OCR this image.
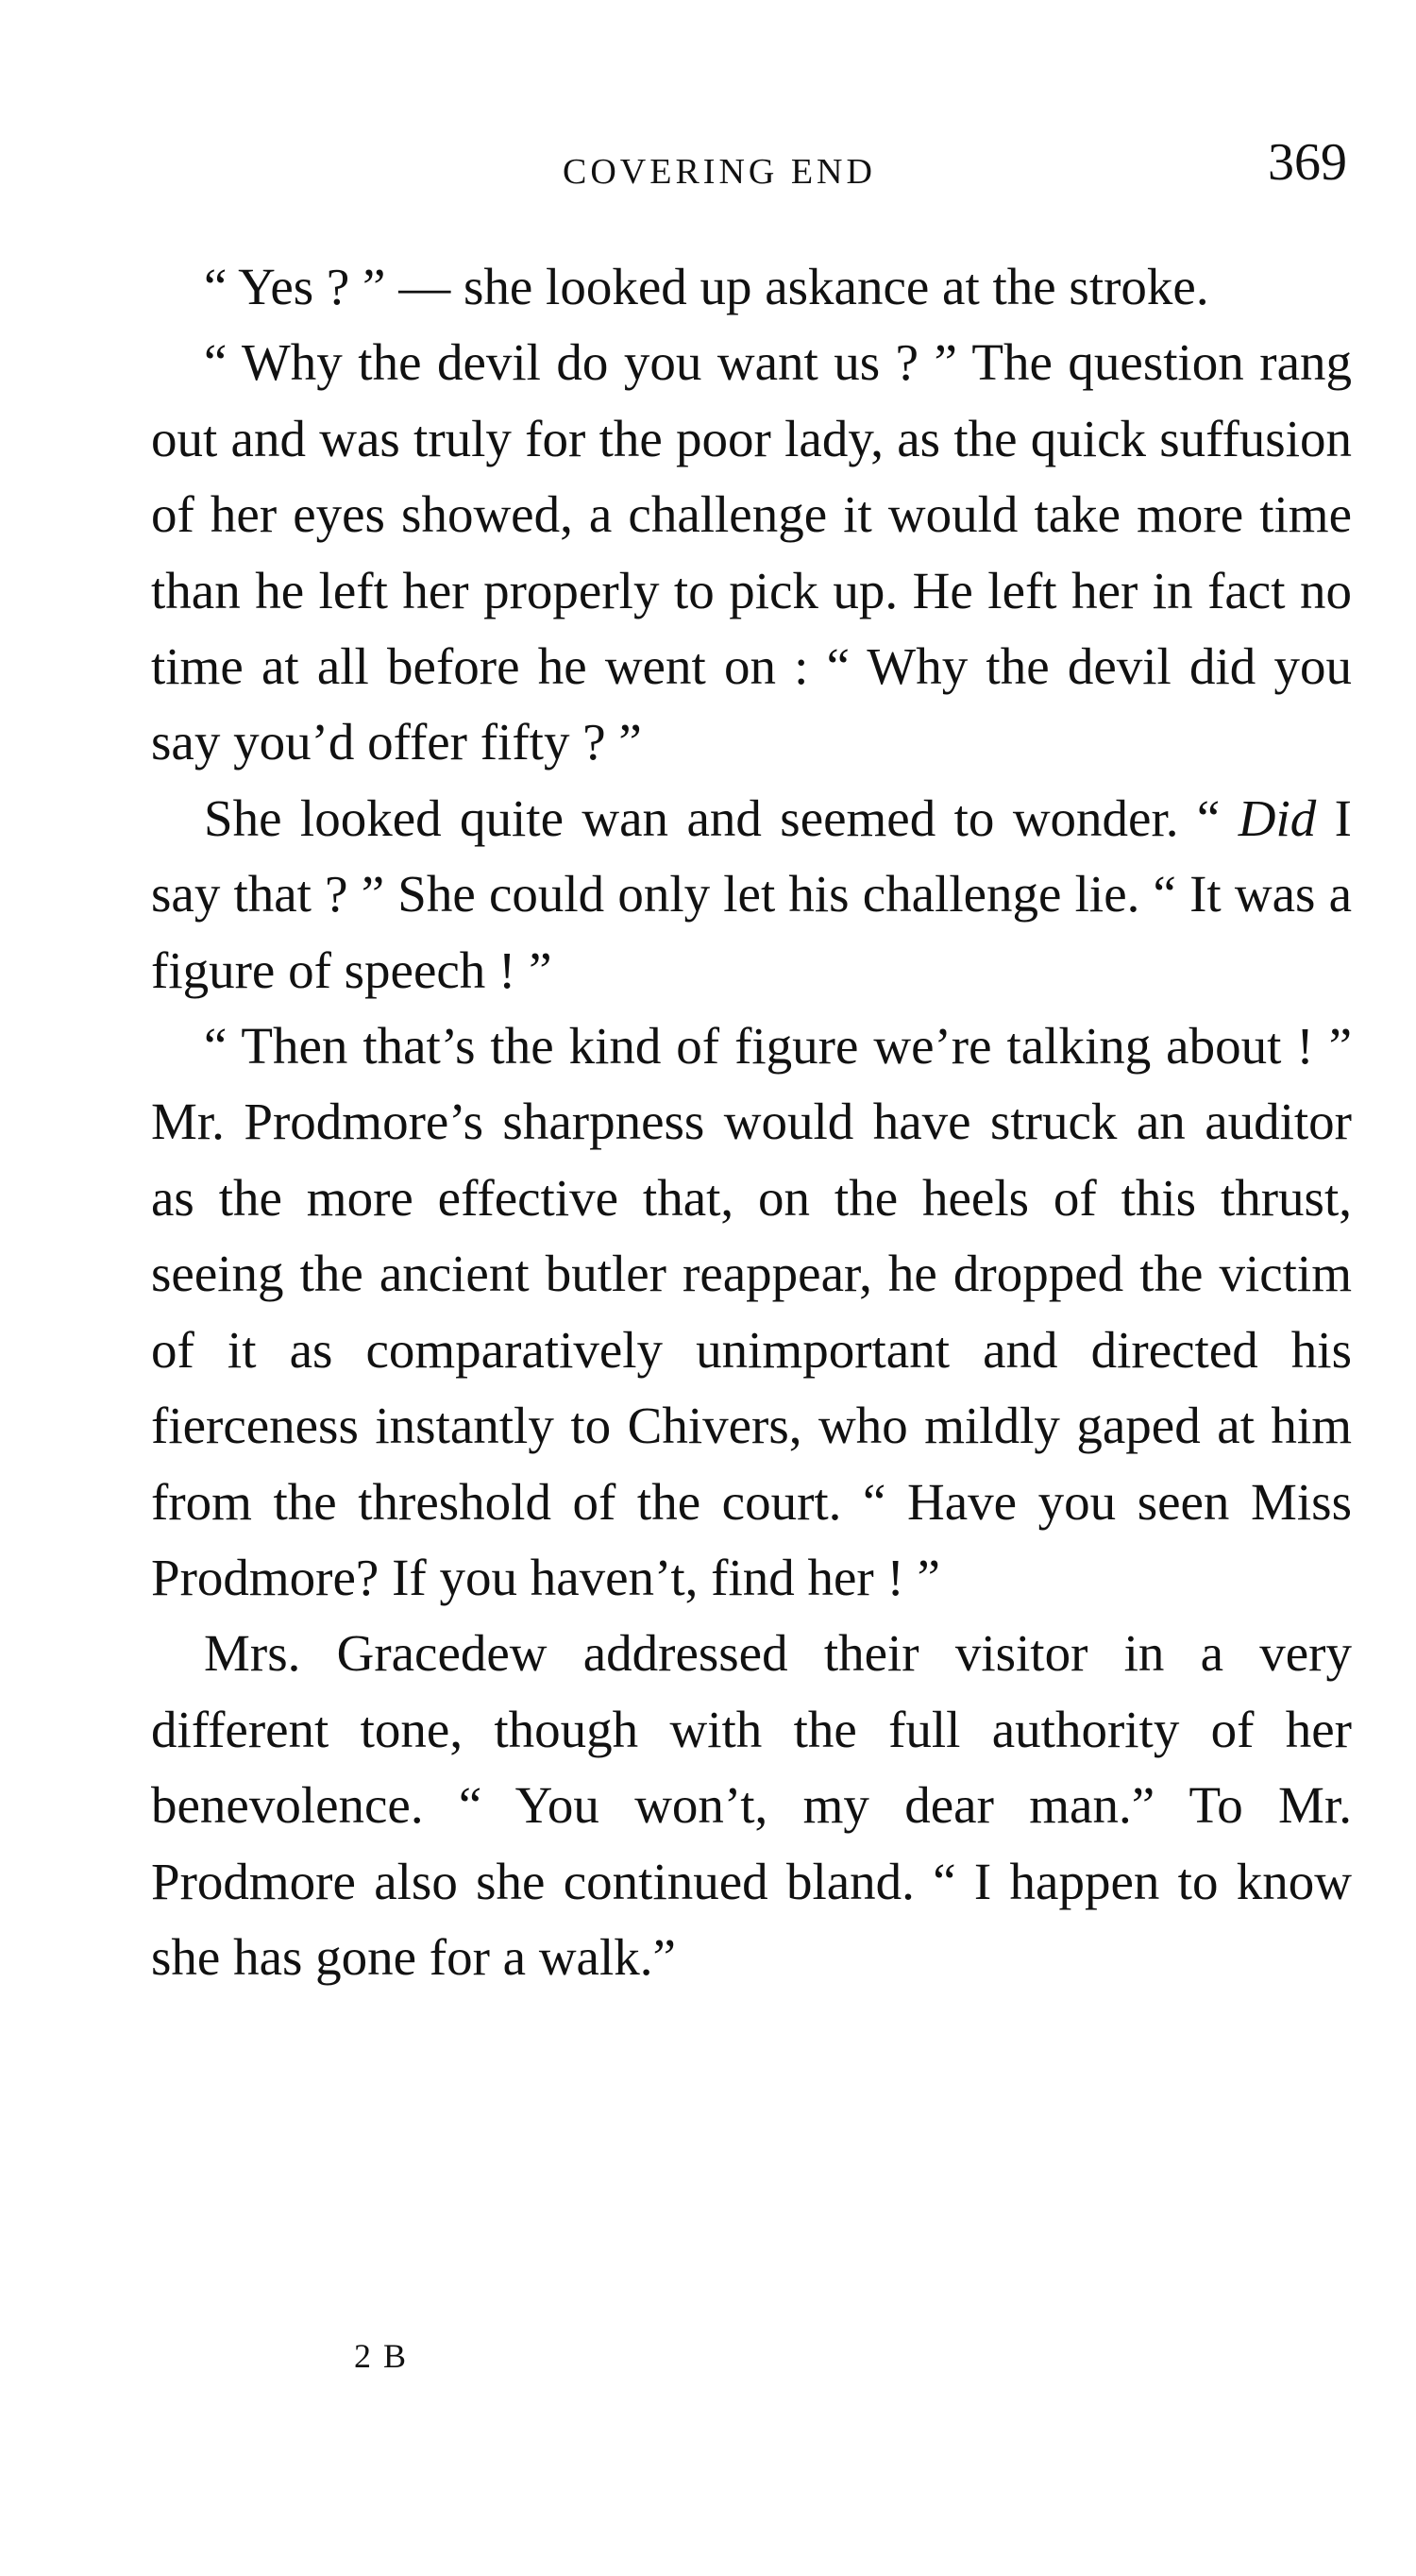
COVERING END	369

“ Yes ? ” — she looked up askance at the stroke.

“ Why the devil do you want us ? ” The question rang out and was truly for the poor lady, as the quick suffusion of her eyes showed, a challenge it would take more time than he left her properly to pick up. He left her in fact no time at all before he went on : “ Why the devil did you say you’d offer fifty ? ”

She looked quite wan and seemed to wonder. “ Did I say that ? ” She could only let his challenge lie. “ It was a figure of speech ! ”

“ Then that’s the kind of figure we’re talking about ! ” Mr. Prodmore’s sharpness would have struck an auditor as the more effective that, on the heels of this thrust, seeing the ancient butler reappear, he dropped the victim of it as comparatively unimportant and directed his fierceness instantly to Chivers, who mildly gaped at him from the threshold of the court. “ Have you seen Miss Prodmore? If you haven’t, find her ! ”

Mrs. Gracedew addressed their visitor in a very different tone, though with the full authority of her benevolence. “ You won’t, my dear man.” To Mr. Prodmore also she continued bland. “ I happen to know she has gone for a walk.”

2 B
